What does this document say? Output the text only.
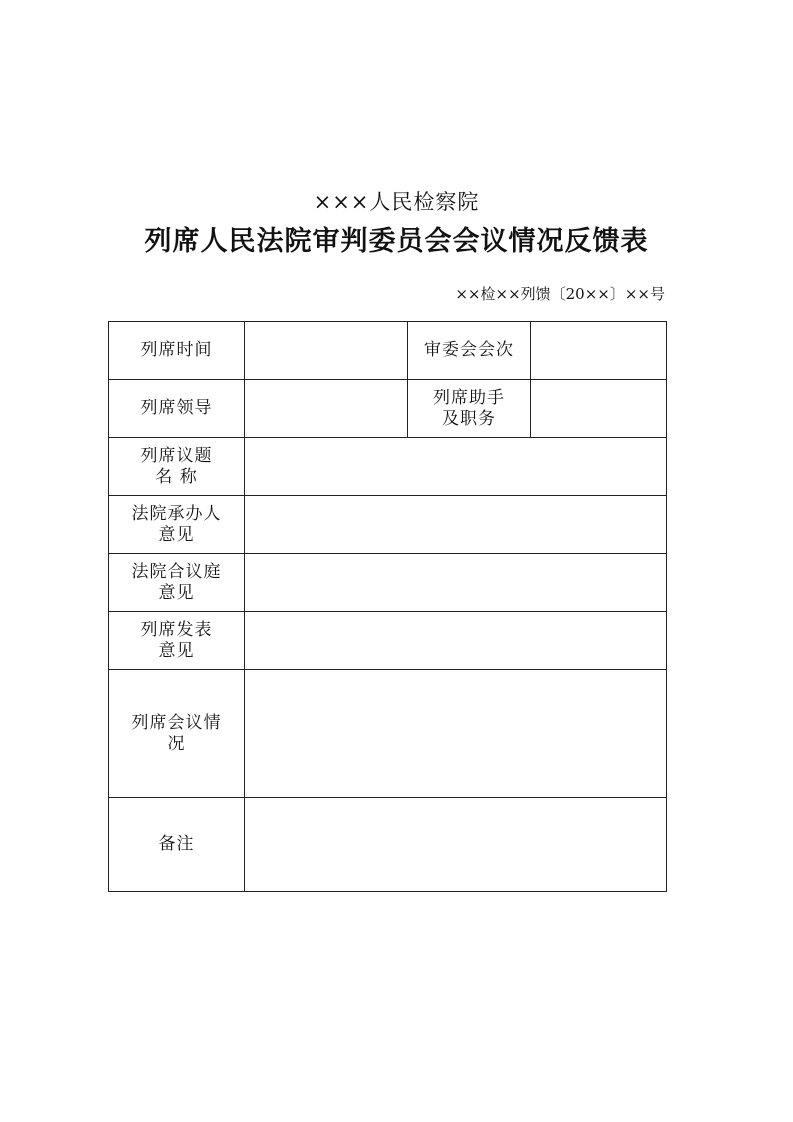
×××人民检察院
列席人民法院审判委员会会议情况反馈表
××检××列馈〔20××〕××号
列席时间		审委会会次	
列席领导		列席助手
及职务	

列席议题
名 称			

法院承办人
意见			

法院合议庭
意见			

列席发表
意见			

列席会议情
况			

备注			
